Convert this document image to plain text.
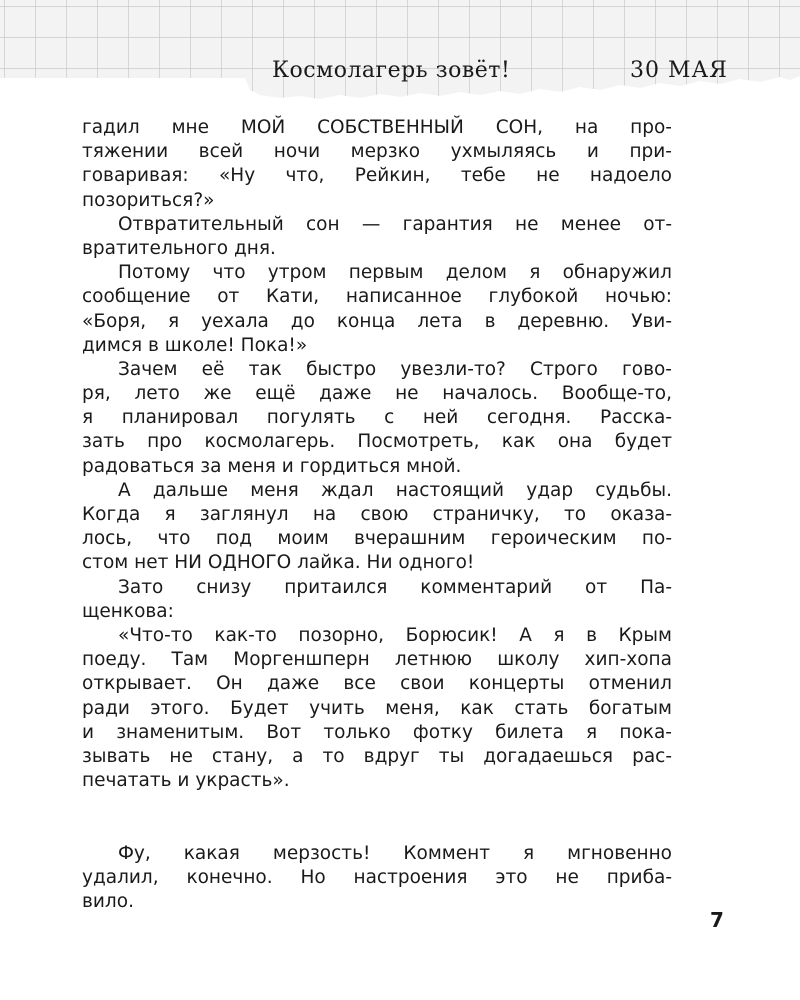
Космолагерь зовёт!	30 МАЯ
гадил мне МОЙ СОБСТВЕННЫЙ СОН, на про-
тяжении всей ночи мерзко ухмыляясь и при-
говаривая: «Ну что, Рейкин, тебе не надоело
позориться?»
Отвратительный сон — гарантия не менее от-
вратительного дня.
Потому что утром первым делом я обнаружил
сообщение от Кати, написанное глубокой ночью:
«Боря, я уехала до конца лета в деревню. Уви-
димся в школе! Пока!»
Зачем её так быстро увезли-то? Строго гово-
ря, лето же ещё даже не началось. Вообще-то,
я планировал погулять с ней сегодня. Расска-
зать про космолагерь. Посмотреть, как она будет
радоваться за меня и гордиться мной.
А дальше меня ждал настоящий удар судьбы.
Когда я заглянул на свою страничку, то оказа-
лось, что под моим вчерашним героическим по-
стом нет НИ ОДНОГО лайка. Ни одного!
Зато снизу притаился комментарий от Па-
щенкова:
«Что-то как-то позорно, Борюсик! А я в Крым
поеду. Там Моргеншперн летнюю школу хип-хопа
открывает. Он даже все свои концерты отменил
ради этого. Будет учить меня, как стать богатым
и знаменитым. Вот только фотку билета я пока-
зывать не стану, а то вдруг ты догадаешься рас-
печатать и украсть».
Фу, какая мерзость! Коммент я мгновенно
удалил, конечно. Но настроения это не приба-
вило.
7
